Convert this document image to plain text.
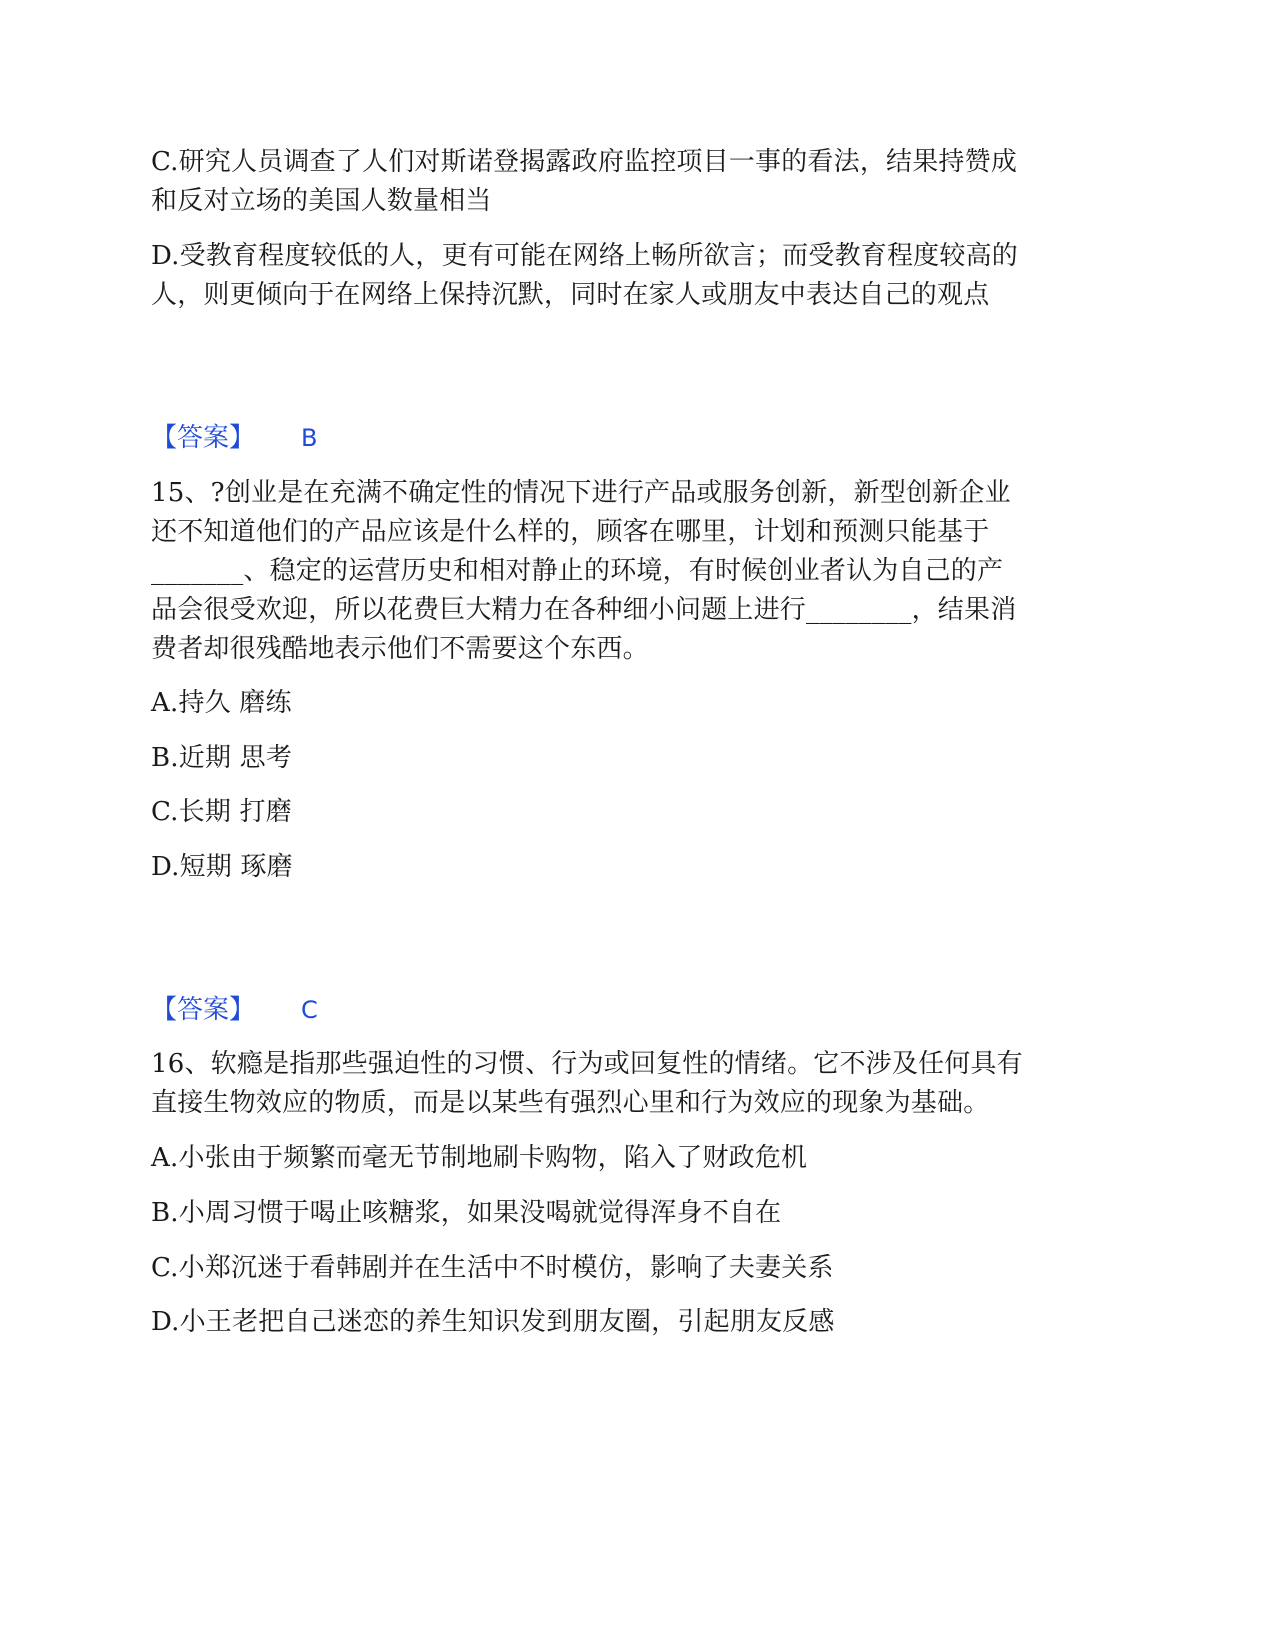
C.研究人员调查了人们对斯诺登揭露政府监控项目一事的看法，结果持赞成
和反对立场的美国人数量相当
D.受教育程度较低的人，更有可能在网络上畅所欲言；而受教育程度较高的
人，则更倾向于在网络上保持沉默，同时在家人或朋友中表达自己的观点
【答案】 B
15、?创业是在充满不确定性的情况下进行产品或服务创新，新型创新企业
还不知道他们的产品应该是什么样的，顾客在哪里，计划和预测只能基于
_______、稳定的运营历史和相对静止的环境，有时候创业者认为自己的产
品会很受欢迎，所以花费巨大精力在各种细小问题上进行________，结果消
费者却很残酷地表示他们不需要这个东西。
A.持久 磨练
B.近期 思考
C.长期 打磨
D.短期 琢磨
【答案】 C
16、软瘾是指那些强迫性的习惯、行为或回复性的情绪。它不涉及任何具有
直接生物效应的物质，而是以某些有强烈心里和行为效应的现象为基础。
A.小张由于频繁而毫无节制地刷卡购物，陷入了财政危机
B.小周习惯于喝止咳糖浆，如果没喝就觉得浑身不自在
C.小郑沉迷于看韩剧并在生活中不时模仿，影响了夫妻关系
D.小王老把自己迷恋的养生知识发到朋友圈，引起朋友反感
